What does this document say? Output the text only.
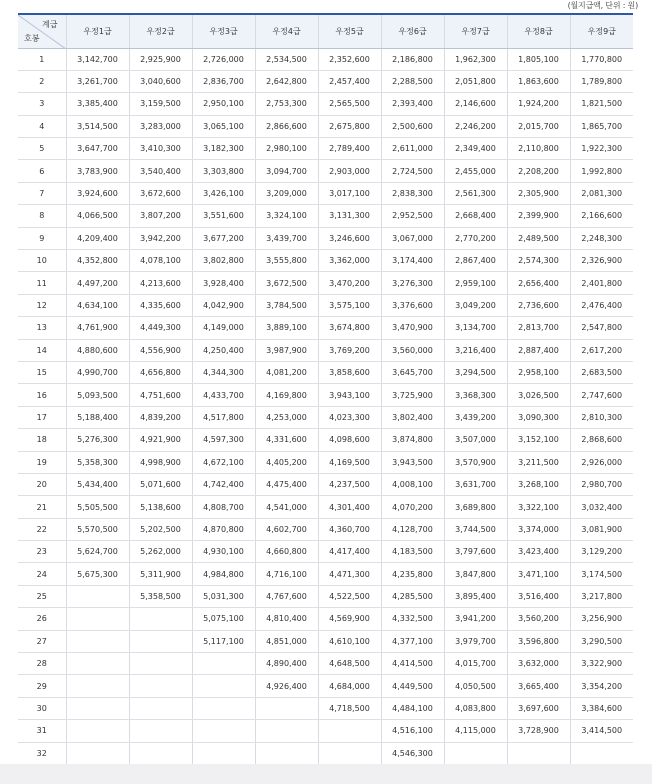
(월지급액, 단위 : 원)
계급
호봉	우정1급	우정2급	우정3급	우정4급	우정5급	우정6급	우정7급	우정8급	우정9급
1	3,142,700	2,925,900	2,726,000	2,534,500	2,352,600	2,186,800	1,962,300	1,805,100	1,770,800
2	3,261,700	3,040,600	2,836,700	2,642,800	2,457,400	2,288,500	2,051,800	1,863,600	1,789,800
3	3,385,400	3,159,500	2,950,100	2,753,300	2,565,500	2,393,400	2,146,600	1,924,200	1,821,500
4	3,514,500	3,283,000	3,065,100	2,866,600	2,675,800	2,500,600	2,246,200	2,015,700	1,865,700
5	3,647,700	3,410,300	3,182,300	2,980,100	2,789,400	2,611,000	2,349,400	2,110,800	1,922,300
6	3,783,900	3,540,400	3,303,800	3,094,700	2,903,000	2,724,500	2,455,000	2,208,200	1,992,800
7	3,924,600	3,672,600	3,426,100	3,209,000	3,017,100	2,838,300	2,561,300	2,305,900	2,081,300
8	4,066,500	3,807,200	3,551,600	3,324,100	3,131,300	2,952,500	2,668,400	2,399,900	2,166,600
9	4,209,400	3,942,200	3,677,200	3,439,700	3,246,600	3,067,000	2,770,200	2,489,500	2,248,300
10	4,352,800	4,078,100	3,802,800	3,555,800	3,362,000	3,174,400	2,867,400	2,574,300	2,326,900
11	4,497,200	4,213,600	3,928,400	3,672,500	3,470,200	3,276,300	2,959,100	2,656,400	2,401,800
12	4,634,100	4,335,600	4,042,900	3,784,500	3,575,100	3,376,600	3,049,200	2,736,600	2,476,400
13	4,761,900	4,449,300	4,149,000	3,889,100	3,674,800	3,470,900	3,134,700	2,813,700	2,547,800
14	4,880,600	4,556,900	4,250,400	3,987,900	3,769,200	3,560,000	3,216,400	2,887,400	2,617,200
15	4,990,700	4,656,800	4,344,300	4,081,200	3,858,600	3,645,700	3,294,500	2,958,100	2,683,500
16	5,093,500	4,751,600	4,433,700	4,169,800	3,943,100	3,725,900	3,368,300	3,026,500	2,747,600
17	5,188,400	4,839,200	4,517,800	4,253,000	4,023,300	3,802,400	3,439,200	3,090,300	2,810,300
18	5,276,300	4,921,900	4,597,300	4,331,600	4,098,600	3,874,800	3,507,000	3,152,100	2,868,600
19	5,358,300	4,998,900	4,672,100	4,405,200	4,169,500	3,943,500	3,570,900	3,211,500	2,926,000
20	5,434,400	5,071,600	4,742,400	4,475,400	4,237,500	4,008,100	3,631,700	3,268,100	2,980,700
21	5,505,500	5,138,600	4,808,700	4,541,000	4,301,400	4,070,200	3,689,800	3,322,100	3,032,400
22	5,570,500	5,202,500	4,870,800	4,602,700	4,360,700	4,128,700	3,744,500	3,374,000	3,081,900
23	5,624,700	5,262,000	4,930,100	4,660,800	4,417,400	4,183,500	3,797,600	3,423,400	3,129,200
24	5,675,300	5,311,900	4,984,800	4,716,100	4,471,300	4,235,800	3,847,800	3,471,100	3,174,500
25		5,358,500	5,031,300	4,767,600	4,522,500	4,285,500	3,895,400	3,516,400	3,217,800
26			5,075,100	4,810,400	4,569,900	4,332,500	3,941,200	3,560,200	3,256,900
27			5,117,100	4,851,000	4,610,100	4,377,100	3,979,700	3,596,800	3,290,500
28				4,890,400	4,648,500	4,414,500	4,015,700	3,632,000	3,322,900
29				4,926,400	4,684,000	4,449,500	4,050,500	3,665,400	3,354,200
30					4,718,500	4,484,100	4,083,800	3,697,600	3,384,600
31						4,516,100	4,115,000	3,728,900	3,414,500
32						4,546,300			
